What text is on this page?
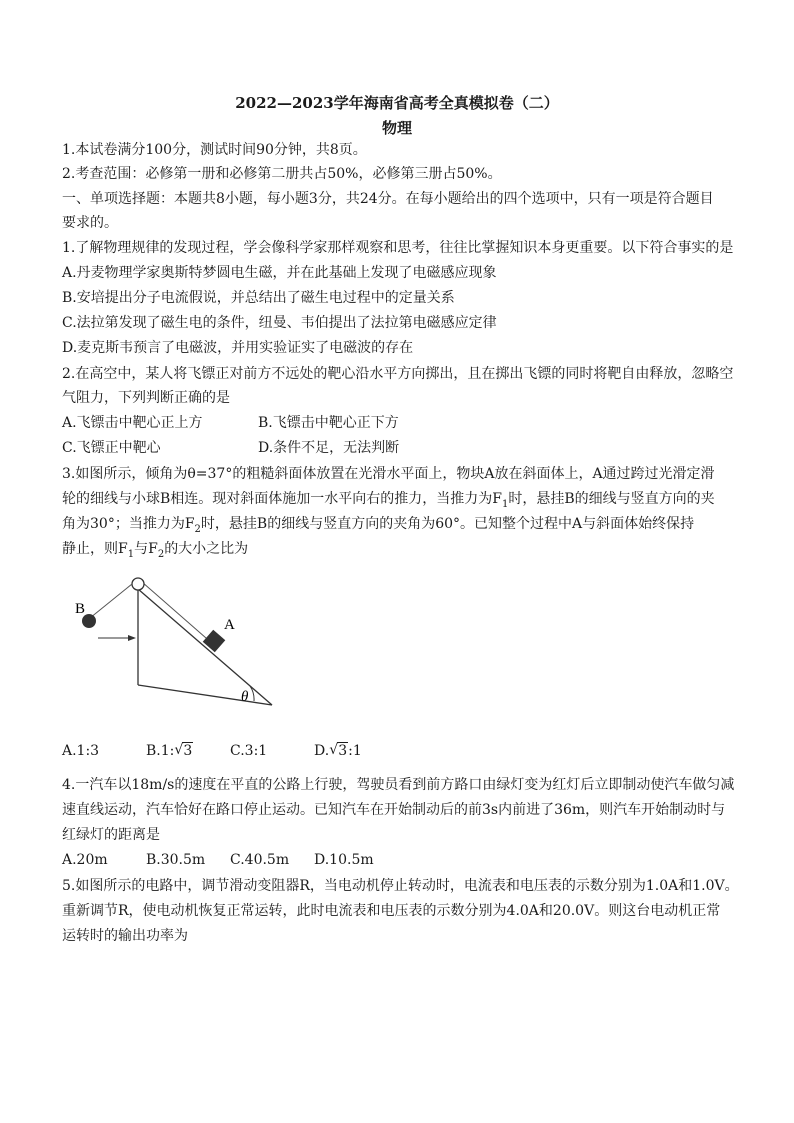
2022—2023学年海南省高考全真模拟卷（二）
物理
1.本试卷满分100分，测试时间90分钟，共8页。
2.考查范围：必修第一册和必修第二册共占50%，必修第三册占50%。
一、单项选择题：本题共8小题，每小题3分，共24分。在每小题给出的四个选项中，只有一项是符合题目
要求的。
1.了解物理规律的发现过程，学会像科学家那样观察和思考，往往比掌握知识本身更重要。以下符合事实的是
A.丹麦物理学家奥斯特梦圆电生磁，并在此基础上发现了电磁感应现象
B.安培提出分子电流假说，并总结出了磁生电过程中的定量关系
C.法拉第发现了磁生电的条件，纽曼、韦伯提出了法拉第电磁感应定律
D.麦克斯韦预言了电磁波，并用实验证实了电磁波的存在
2.在高空中，某人将飞镖正对前方不远处的靶心沿水平方向掷出，且在掷出飞镖的同时将靶自由释放，忽略空
气阻力，下列判断正确的是
A.飞镖击中靶心正上方	B.飞镖击中靶心正下方
C.飞镖正中靶心	D.条件不足，无法判断
3.如图所示，倾角为θ=37°的粗糙斜面体放置在光滑水平面上，物块A放在斜面体上，A通过跨过光滑定滑
轮的细线与小球B相连。现对斜面体施加一水平向右的推力，当推力为$F_1$时，悬挂B的细线与竖直方向的夹
角为30°；当推力为$F_2$时，悬挂B的细线与竖直方向的夹角为60°。已知整个过程中A与斜面体始终保持
静止，则$F_1$与$F_2$的大小之比为
B
A
θ
A.1:3	B.1: √ 3	C.3:1	D. √ 3:1
4.一汽车以18m/s的速度在平直的公路上行驶，驾驶员看到前方路口由绿灯变为红灯后立即制动使汽车做匀减
速直线运动，汽车恰好在路口停止运动。已知汽车在开始制动后的前3s内前进了36m，则汽车开始制动时与
红绿灯的距离是
A.20m	B.30.5m C.40.5m D.10.5m
5.如图所示的电路中，调节滑动变阻器R，当电动机停止转动时，电流表和电压表的示数分别为1.0A和1.0V。
重新调节R，使电动机恢复正常运转，此时电流表和电压表的示数分别为4.0A和20.0V。则这台电动机正常
运转时的输出功率为
